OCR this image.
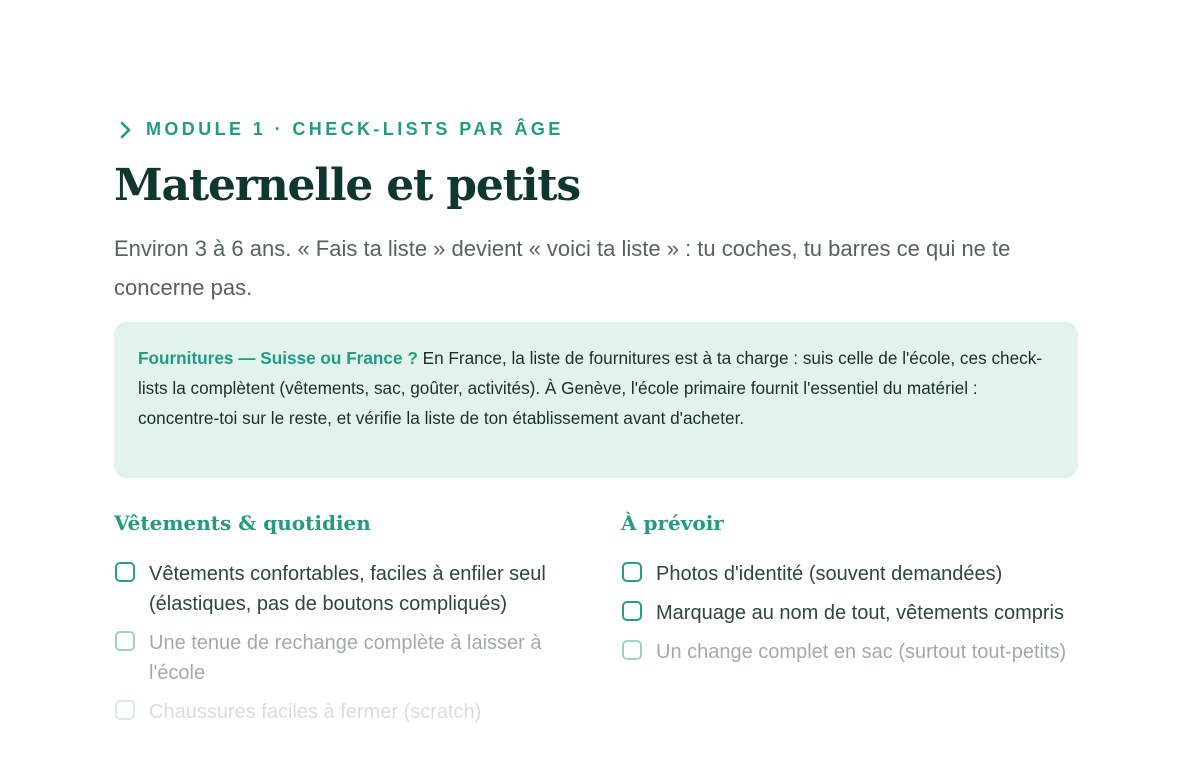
MODULE 1 · CHECK-LISTS PAR ÂGE
Maternelle et petits

Environ 3 à 6 ans. « Fais ta liste » devient « voici ta liste » : tu coches, tu barres ce qui ne te concerne pas.

Fournitures — Suisse ou France ? En France, la liste de fournitures est à ta charge : suis celle de l'école, ces check-lists la complètent (vêtements, sac, goûter, activités). À Genève, l'école primaire fournit l'essentiel du matériel : concentre-toi sur le reste, et vérifie la liste de ton établissement avant d'acheter.
Vêtements & quotidien
Vêtements confortables, faciles à enfiler seul (élastiques, pas de boutons compliqués)
Une tenue de rechange complète à laisser à l'école
Chaussures faciles à fermer (scratch)
À prévoir
Photos d'identité (souvent demandées)
Marquage au nom de tout, vêtements compris
Un change complet en sac (surtout tout-petits)
